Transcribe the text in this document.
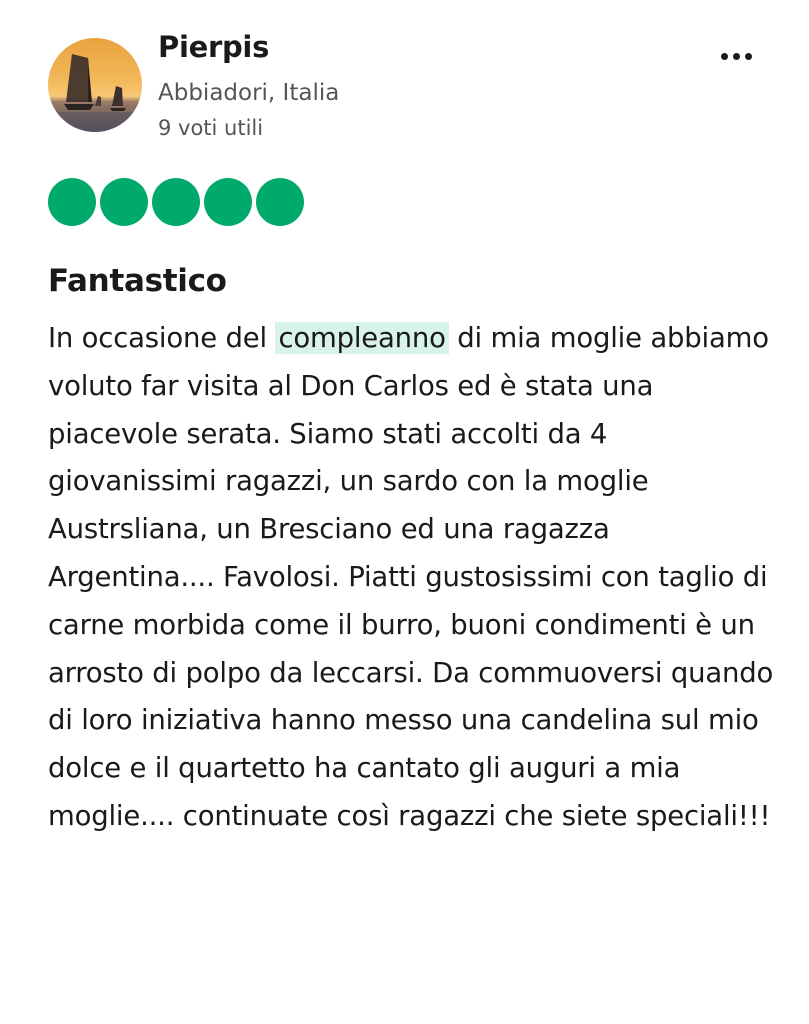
Pierpis
Abbiadori, Italia
9 voti utili
Fantastico
In occasione del compleanno di mia moglie abbiamo voluto far visita al Don Carlos ed è stata una piacevole serata. Siamo stati accolti da 4 giovanissimi ragazzi, un sardo con la moglie Austrsliana, un Bresciano ed una ragazza Argentina.... Favolosi. Piatti gustosissimi con taglio di carne morbida come il burro, buoni condimenti è un arrosto di polpo da leccarsi. Da commuoversi quando di loro iniziativa hanno messo una candelina sul mio dolce e il quartetto ha cantato gli auguri a mia moglie.... continuate così ragazzi che siete speciali!!!
